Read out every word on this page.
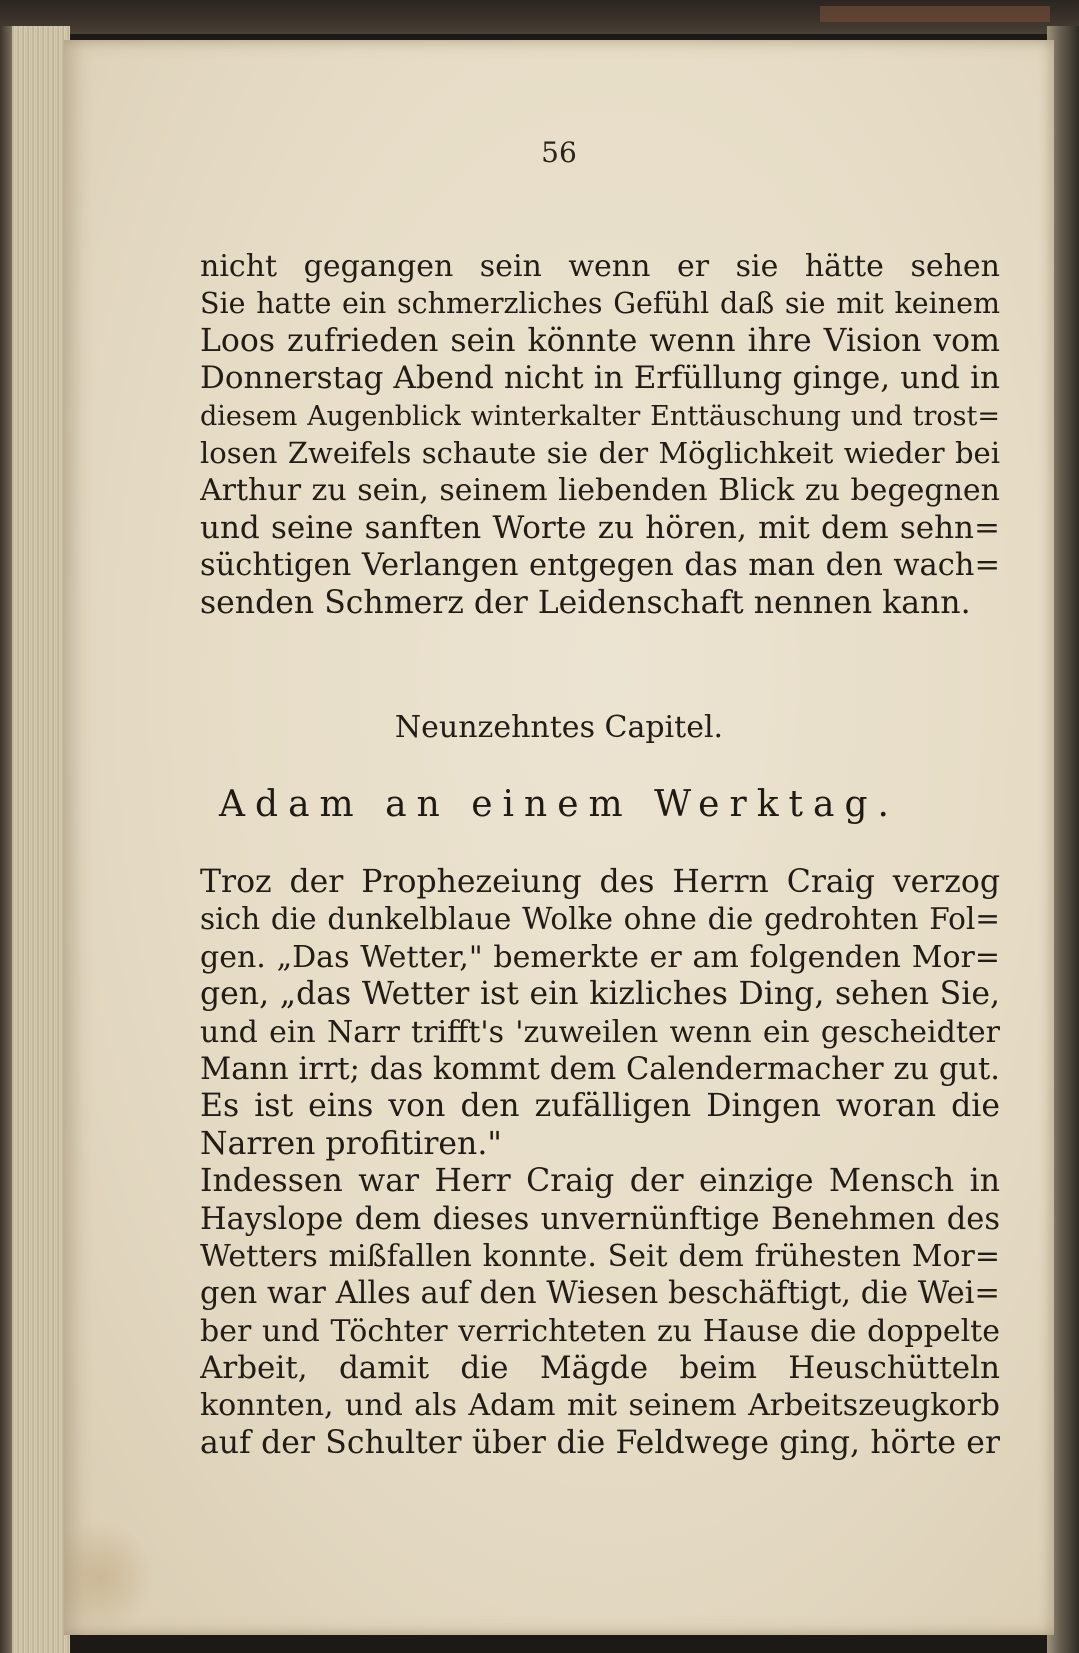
56
nicht gegangen sein wenn er sie hätte sehen
Sie hatte ein schmerzliches Gefühl daß sie mit keinem
Loos zufrieden sein könnte wenn ihre Vision vom
Donnerstag Abend nicht in Erfüllung ginge, und in
diesem Augenblick winterkalter Enttäuschung und trost=
losen Zweifels schaute sie der Möglichkeit wieder bei
Arthur zu sein, seinem liebenden Blick zu begegnen
und seine sanften Worte zu hören, mit dem sehn=
süchtigen Verlangen entgegen das man den wach=
senden Schmerz der Leidenschaft nennen kann.
Neunzehntes Capitel.
Adam an einem Werktag.
Troz der Prophezeiung des Herrn Craig verzog
sich die dunkelblaue Wolke ohne die gedrohten Fol=
gen. „Das Wetter," bemerkte er am folgenden Mor=
gen, „das Wetter ist ein kizliches Ding, sehen Sie,
und ein Narr trifft's 'zuweilen wenn ein gescheidter
Mann irrt; das kommt dem Calendermacher zu gut.
Es ist eins von den zufälligen Dingen woran die
Narren profitiren."
Indessen war Herr Craig der einzige Mensch in
Hayslope dem dieses unvernünftige Benehmen des
Wetters mißfallen konnte. Seit dem frühesten Mor=
gen war Alles auf den Wiesen beschäftigt, die Wei=
ber und Töchter verrichteten zu Hause die doppelte
Arbeit, damit die Mägde beim Heuschütteln
konnten, und als Adam mit seinem Arbeitszeugkorb
auf der Schulter über die Feldwege ging, hörte er
